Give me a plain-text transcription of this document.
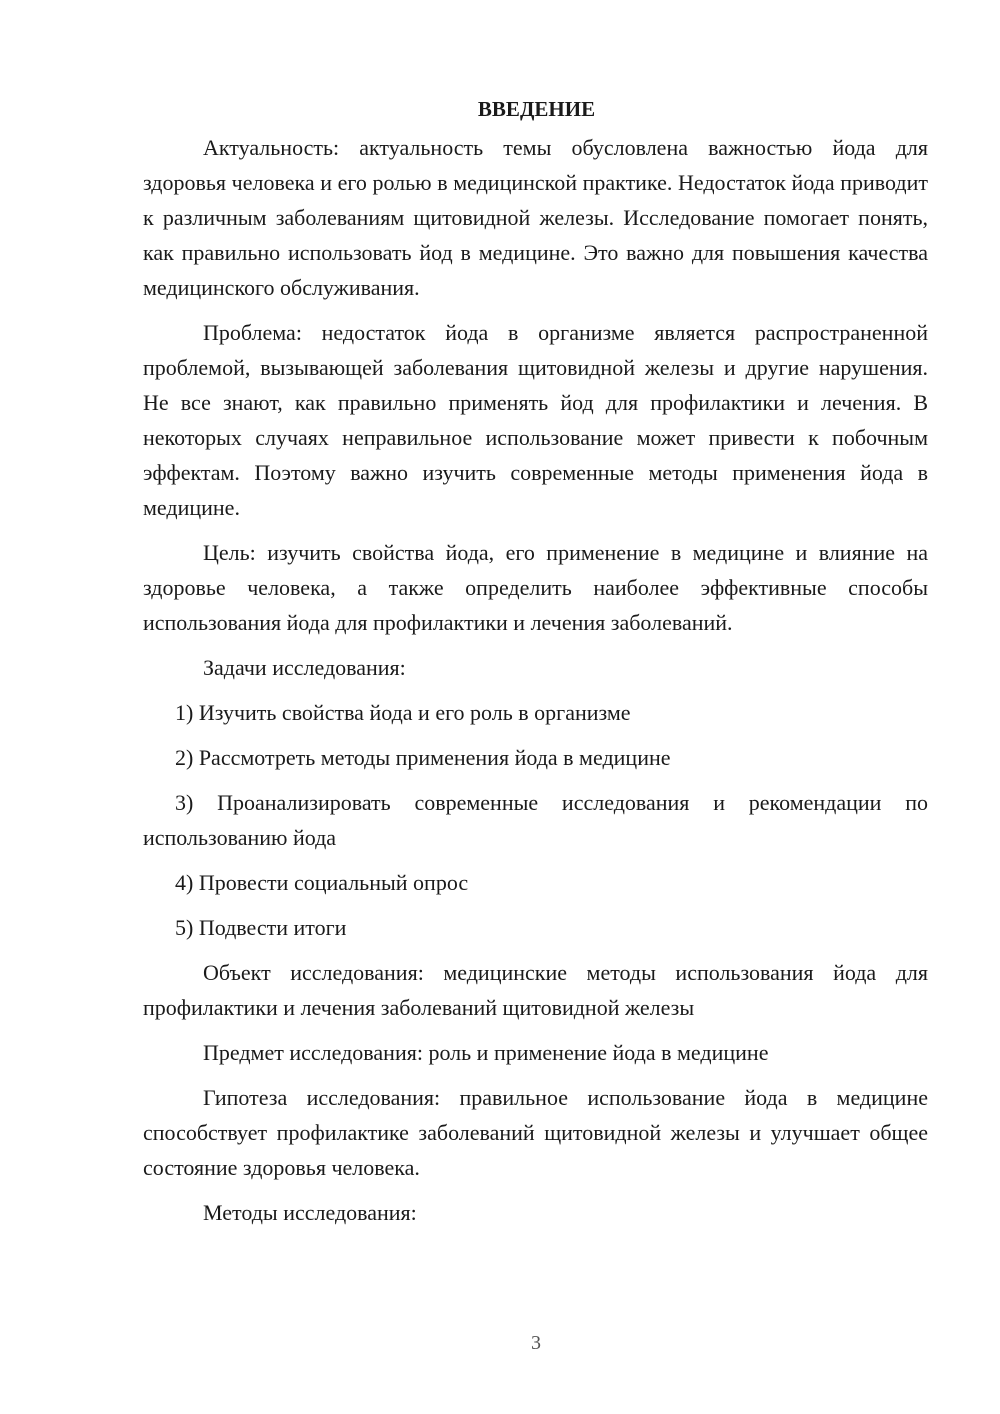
ВВЕДЕНИЕ

Актуальность: актуальность темы обусловлена важностью йода для здоровья человека и его ролью в медицинской практике. Недостаток йода приводит к различным заболеваниям щитовидной железы. Исследование помогает понять, как правильно использовать йод в медицине. Это важно для повышения качества медицинского обслуживания.

Проблема: недостаток йода в организме является распространенной проблемой, вызывающей заболевания щитовидной железы и другие нарушения. Не все знают, как правильно применять йод для профилактики и лечения. В некоторых случаях неправильное использование может привести к побочным эффектам. Поэтому важно изучить современные методы применения йода в медицине.

Цель: изучить свойства йода, его применение в медицине и влияние на здоровье человека, а также определить наиболее эффективные способы использования йода для профилактики и лечения заболеваний.

Задачи исследования:

1) Изучить свойства йода и его роль в организме

2) Рассмотреть методы применения йода в медицине

3) Проанализировать современные исследования и рекомендации по использованию йода

4) Провести социальный опрос

5) Подвести итоги

Объект исследования: медицинские методы использования йода для профилактики и лечения заболеваний щитовидной железы

Предмет исследования: роль и применение йода в медицине

Гипотеза исследования: правильное использование йода в медицине способствует профилактике заболеваний щитовидной железы и улучшает общее состояние здоровья человека.

Методы исследования:

3
